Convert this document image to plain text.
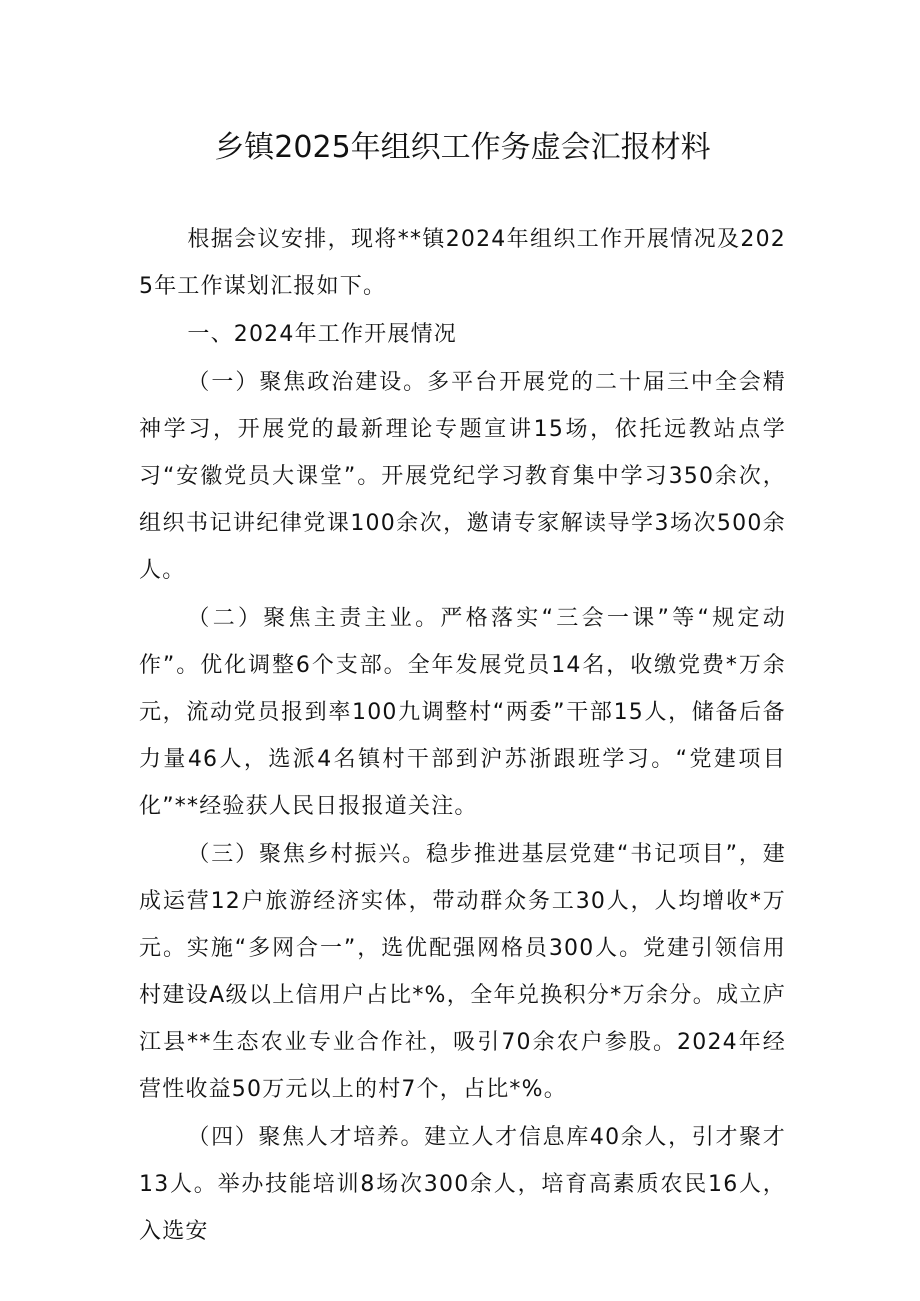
乡镇2025年组织工作务虚会汇报材料

根据会议安排，现将**镇2024年组织工作开展情况及2025年工作谋划汇报如下。

一、2024年工作开展情况

（一）聚焦政治建设。多平台开展党的二十届三中全会精神学习，开展党的最新理论专题宣讲15场，依托远教站点学习“安徽党员大课堂”。开展党纪学习教育集中学习350余次，组织书记讲纪律党课100余次，邀请专家解读导学3场次500余人。

（二）聚焦主责主业。严格落实“三会一课”等“规定动作”。优化调整6个支部。全年发展党员14名，收缴党费*万余元，流动党员报到率100九调整村“两委”干部15人，储备后备力量46人，选派4名镇村干部到沪苏浙跟班学习。“党建项目化”**经验获人民日报报道关注。

（三）聚焦乡村振兴。稳步推进基层党建“书记项目”，建成运营12户旅游经济实体，带动群众务工30人，人均增收*万元。实施“多网合一”，选优配强网格员300人。党建引领信用村建设A级以上信用户占比*%，全年兑换积分*万余分。成立庐江县**生态农业专业合作社，吸引70余农户参股。2024年经营性收益50万元以上的村7个，占比*%。

（四）聚焦人才培养。建立人才信息库40余人，引才聚才13人。举办技能培训8场次300余人，培育高素质农民16人，入选安
